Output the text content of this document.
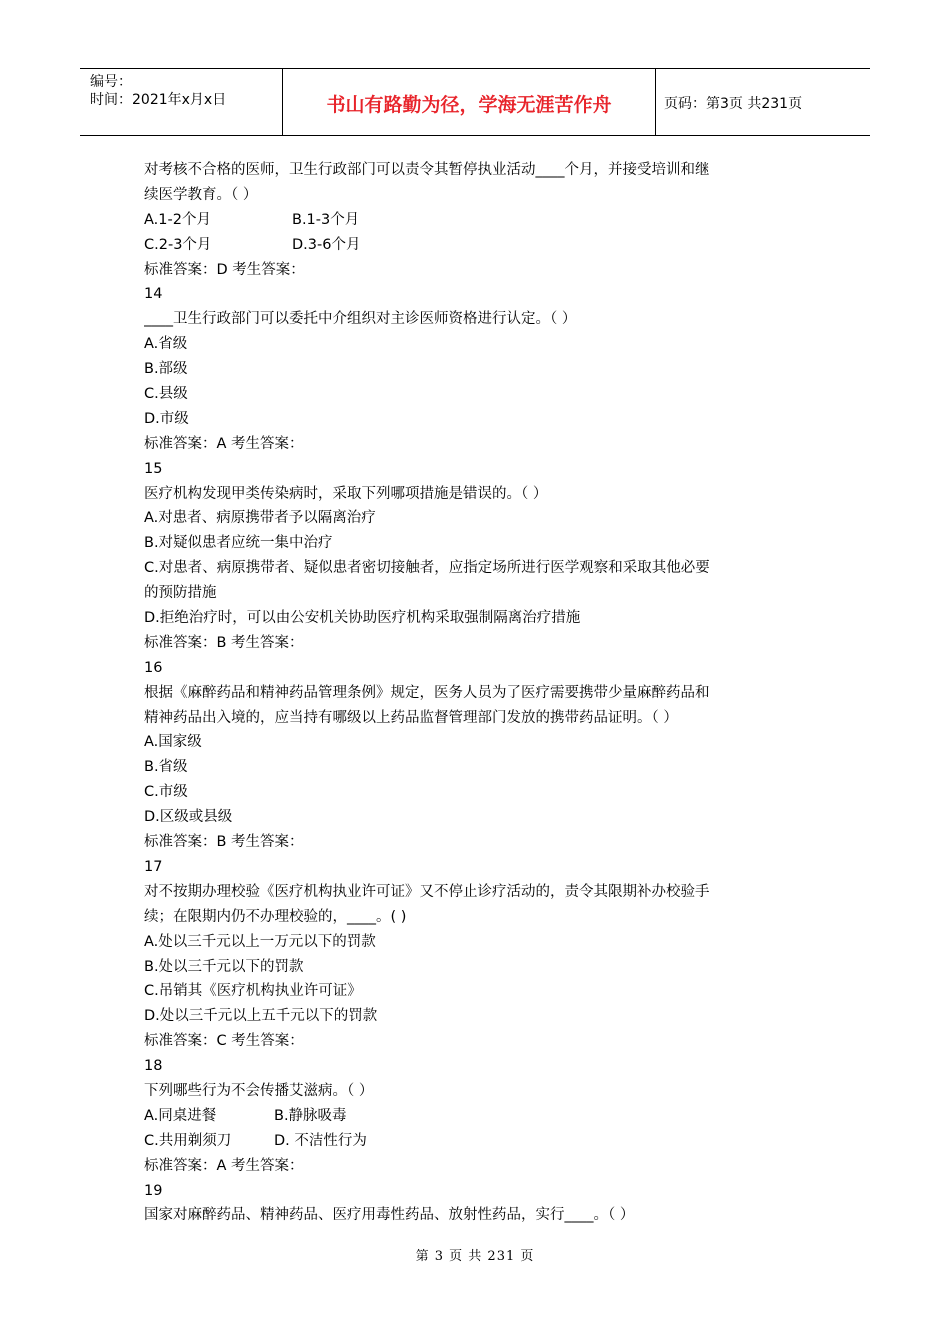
编号：
时间：2021年x月x日	书山有路勤为径，学海无涯苦作舟	页码：第3页 共231页
对考核不合格的医师，卫生行政部门可以责令其暂停执业活动____个月，并接受培训和继
续医学教育。（ ）
A.1-2个月	B.1-3个月
C.2-3个月	D.3-6个月
标准答案：D 考生答案：
14
____卫生行政部门可以委托中介组织对主诊医师资格进行认定。（ ）
A.省级
B.部级
C.县级
D.市级
标准答案：A 考生答案：
15
医疗机构发现甲类传染病时，采取下列哪项措施是错误的。（ ）
A.对患者、病原携带者予以隔离治疗
B.对疑似患者应统一集中治疗
C.对患者、病原携带者、疑似患者密切接触者，应指定场所进行医学观察和采取其他必要
的预防措施
D.拒绝治疗时，可以由公安机关协助医疗机构采取强制隔离治疗措施
标准答案：B 考生答案：
16
根据《麻醉药品和精神药品管理条例》规定，医务人员为了医疗需要携带少量麻醉药品和
精神药品出入境的，应当持有哪级以上药品监督管理部门发放的携带药品证明。（ ）
A.国家级
B.省级
C.市级
D.区级或县级
标准答案：B 考生答案：
17
对不按期办理校验《医疗机构执业许可证》又不停止诊疗活动的，责令其限期补办校验手
续；在限期内仍不办理校验的，____。( )
A.处以三千元以上一万元以下的罚款
B.处以三千元以下的罚款
C.吊销其《医疗机构执业许可证》
D.处以三千元以上五千元以下的罚款
标准答案：C 考生答案：
18
下列哪些行为不会传播艾滋病。（ ）
A.同桌进餐	B.静脉吸毒
C.共用剃须刀	D. 不洁性行为
标准答案：A 考生答案：
19
国家对麻醉药品、精神药品、医疗用毒性药品、放射性药品，实行____。（ ）
第 3 页 共 231 页
